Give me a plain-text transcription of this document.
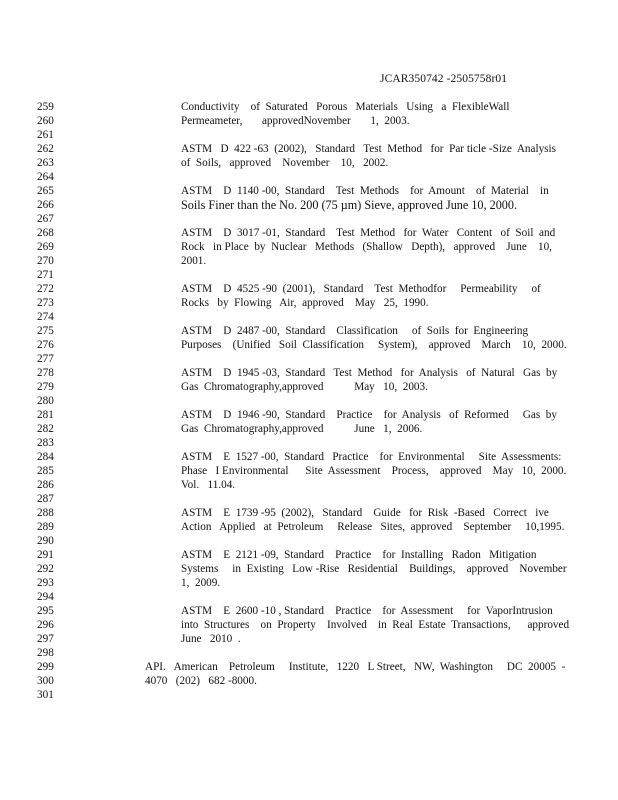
JCAR350742 -2505758r01
259	Conductivity    of  Saturated   Porous   Materials   Using   a  FlexibleWall
260	Permeameter,       approvedNovember       1,  2003.
261
262	ASTM   D  422 -63  (2002),   Standard   Test  Method   for  Par ticle -Size  Analysis
263	of  Soils,   approved    November    10,   2002.
264
265	ASTM    D  1140 -00,  Standard    Test  Methods    for  Amount    of  Material    in
266	Soils Finer than the No. 200 (75 µm) Sieve, approved June 10, 2000.
267
268	ASTM    D  3017 -01,  Standard    Test  Method   for  Water   Content   of  Soil  and
269	Rock   in Place  by  Nuclear   Methods   (Shallow   Depth),   approved    June    10,
270	2001.
271
272	ASTM    D  4525 -90  (2001),   Standard    Test  Methodfor     Permeability     of
273	Rocks   by  Flowing   Air,  approved    May   25,  1990.
274
275	ASTM    D  2487 -00,  Standard    Classification     of  Soils  for  Engineering
276	Purposes    (Unified   Soil  Classification     System),    approved    March    10,  2000.
277
278	ASTM    D  1945 -03,  Standard   Test  Method   for  Analysis   of  Natural   Gas  by
279	Gas  Chromatography,approved           May   10,  2003.
280
281	ASTM    D  1946 -90,  Standard    Practice    for  Analysis   of  Reformed     Gas  by
282	Gas  Chromatography,approved           June   1,  2006.
283
284	ASTM    E  1527 -00,  Standard   Practice    for  Environmental     Site  Assessments:
285	Phase   I Environmental      Site  Assessment    Process,    approved    May   10,  2000.
286	Vol.   11.04.
287
288	ASTM    E  1739 -95  (2002),   Standard    Guide   for  Risk  -Based   Correct   ive
289	Action   Applied   at  Petroleum     Release   Sites,  approved    September     10,1995.
290
291	ASTM    E  2121 -09,  Standard    Practice    for  Installing   Radon   Mitigation
292	Systems     in  Existing   Low -Rise   Residential    Buildings,    approved    November
293	1,  2009.
294
295	ASTM    E  2600 -10 , Standard    Practice    for  Assessment     for  VaporIntrusion
296	into  Structures    on  Property    Involved    in  Real  Estate  Transactions,      approved
297	June   2010  .
298
299	API.   American    Petroleum     Institute,   1220   L Street,   NW,  Washington     DC  20005  -
300	4070   (202)   682 -8000.
301
